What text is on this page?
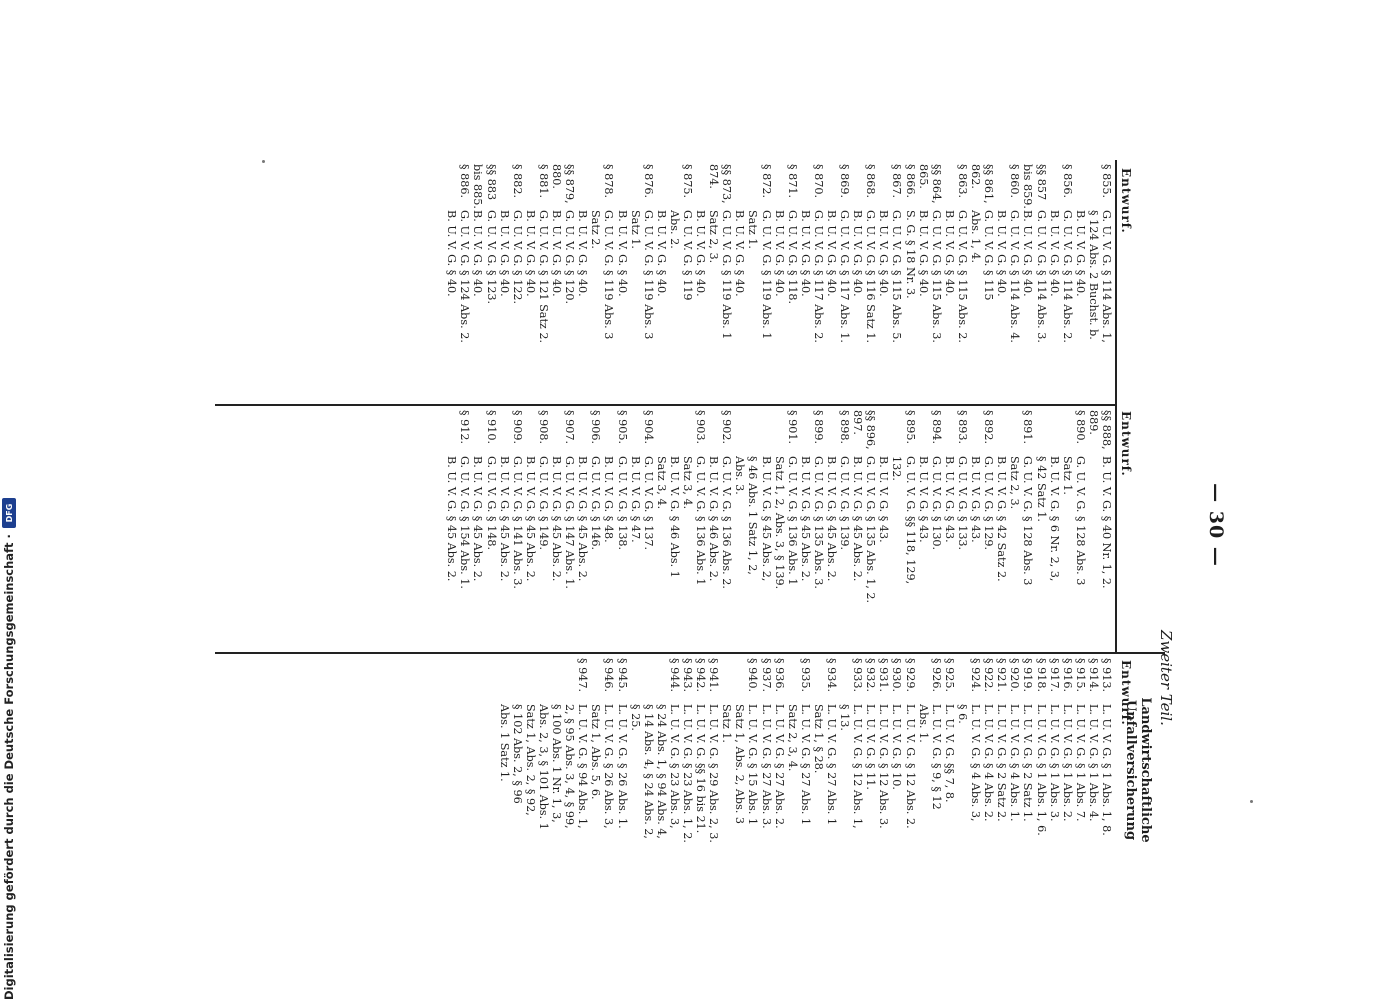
— 30 —
Zweiter Teil.
Entwurf.
Entwurf.
Entwurf.
Landwirtschaftliche Unfallversicherung
§ 855.
G. U. V. G. § 114 Abs. 1,
§ 124 Abs. 2 Buchst. b.
B. U. V. G. § 40.
§ 856.
G. U. V. G. § 114 Abs. 2.
B. U. V. G. § 40.
§§ 857
G. U. V. G. § 114 Abs. 3.
bis 859.
B. U. V. G. § 40.
§ 860.
G. U. V. G. § 114 Abs. 4.
B. U. V. G. § 40.
§§ 861,
G. U. V. G. § 115
862.
Abs. 1, 4.
§ 863.
G. U. V. G. § 115 Abs. 2.
B. U. V. G. § 40.
§§ 864,
G. U. V. G. § 115 Abs. 3.
865.
B. U. V. G. § 40.
§ 866.
S. G. § 18 Nr. 3.
§ 867.
G. U. V. G. § 115 Abs. 5.
B. U. V. G. § 40.
§ 868.
G. U. V. G. § 116 Satz 1.
B. U. V. G. § 40.
§ 869.
G. U. V. G. § 117 Abs. 1.
B. U. V. G. § 40.
§ 870.
G. U. V. G. § 117 Abs. 2.
B. U. V. G. § 40.
§ 871.
G. U. V. G. § 118.
B. U. V. G. § 40.
§ 872.
G. U. V. G. § 119 Abs. 1
Satz 1.
B. U. V. G. § 40.
§§ 873,
G. U. V. G. § 119 Abs. 1
874.
Satz 2, 3.
B. U. V. G. § 40.
§ 875.
G. U. V. G. § 119
Abs. 2.
B. U. V. G. § 40.
§ 876.
G. U. V. G. § 119 Abs. 3
Satz 1.
B. U. V. G. § 40.
§ 878.
G. U. V. G. § 119 Abs. 3
Satz 2.
B. U. V. G. § 40.
§§ 879,
G. U. V. G. § 120.
880.
B. U. V. G. § 40.
§ 881.
G. U. V. G. § 121 Satz 2.
B. U. V. G. § 40.
§ 882.
G. U. V. G. § 122.
B. U. V. G. § 40.
§§ 883
G. U. V. G. § 123.
bis 885.
B. U. V. G. § 40.
§ 886.
G. U. V. G. § 124 Abs. 2.
B. U. V. G. § 40.
§§ 888,
B. U. V. G. § 40 Nr. 1, 2.
889.
§ 890.
G. U. V. G. § 128 Abs. 3
Satz 1.
B. U. V. G. § 6 Nr. 2, 3,
§ 42 Satz 1.
§ 891.
G. U. V. G. § 128 Abs. 3
Satz 2, 3.
B. U. V. G. § 42 Satz 2.
§ 892.
G. U. V. G. § 129.
B. U. V. G. § 43.
§ 893.
G. U. V. G. § 133.
B. U. V. G. § 43.
§ 894.
G. U. V. G. § 130.
B. U. V. G. § 43.
§ 895.
G. U. V. G. §§ 118, 129,
132.
B. U. V. G. § 43.
§§ 896,
G. U. V. G. § 135 Abs. 1, 2.
897.
B. U. V. G. § 45 Abs. 2.
§ 898.
G. U. V. G. § 139.
B. U. V. G. § 45 Abs. 2.
§ 899.
G. U. V. G. § 135 Abs. 3.
B. U. V. G. § 45 Abs. 2.
§ 901.
G. U. V. G. § 136 Abs. 1
Satz 1, 2, Abs. 3, § 139.
B. U. V. G. § 45 Abs. 2,
§ 46 Abs. 1 Satz 1, 2,
Abs. 3.
§ 902.
G. U. V. G. § 136 Abs. 2.
B. U. V. G. § 46 Abs. 2.
§ 903.
G. U. V. G. § 136 Abs. 1
Satz 3, 4.
B. U. V. G. § 46 Abs. 1
Satz 3, 4.
§ 904.
G. U. V. G. § 137.
B. U. V. G. § 47.
§ 905.
G. U. V. G. § 138.
B. U. V. G. § 48.
§ 906.
G. U. V. G. § 146.
B. U. V. G. § 45 Abs. 2.
§ 907.
G. U. V. G. § 147 Abs. 1.
B. U. V. G. § 45 Abs. 2.
§ 908.
G. U. V. G. § 149.
B. U. V. G. § 45 Abs. 2.
§ 909.
G. U. V. G. § 141 Abs. 3.
B. U. V. G. § 45 Abs. 2.
§ 910.
G. U. V. G. § 148.
B. U. V. G. § 45 Abs. 2.
§ 912.
G. U. V. G. § 154 Abs. 1.
B. U. V. G. § 45 Abs. 2.
§ 913.
L. U. V. G. § 1 Abs. 1, 8.
§ 914.
L. U. V. G. § 1 Abs. 4.
§ 915.
L. U. V. G. § 1 Abs. 7.
§ 916.
L. U. V. G. § 1 Abs. 2.
§ 917.
L. U. V. G. § 1 Abs. 3.
§ 918.
L. U. V. G. § 1 Abs. 1, 6.
§ 919.
L. U. V. G. § 2 Satz 1.
§ 920.
L. U. V. G. § 4 Abs. 1.
§ 921.
L. U. V. G. § 2 Satz 2.
§ 922.
L. U. V. G. § 4 Abs. 2.
§ 924.
L. U. V. G. § 4 Abs. 3,
§ 6.
§ 925.
L. U. V. G. §§ 7, 8.
§ 926.
L. U. V. G. § 9, § 12
Abs. 1.
§ 929.
L. U. V. G. § 12 Abs. 2.
§ 930.
L. U. V. G. § 10.
§ 931.
L. U. V. G. § 12 Abs. 3.
§ 932.
L. U. V. G. § 11.
§ 933.
L. U. V. G. § 12 Abs. 1,
§ 13.
§ 934.
L. U. V. G. § 27 Abs. 1
Satz 1, § 28.
§ 935.
L. U. V. G. § 27 Abs. 1
Satz 2, 3, 4.
§ 936.
L. U. V. G. § 27 Abs. 2.
§ 937.
L. U. V. G. § 27 Abs. 3.
§ 940.
L. U. V. G. § 15 Abs. 1
Satz 1, Abs. 2, Abs. 3
Satz 1.
§ 941.
L. U. V. G. § 29 Abs. 2, 3.
§ 942.
L. U. V. G. §§ 16 bis 21.
§ 943.
L. U. V. G. § 23 Abs. 1, 2.
§ 944.
L. U. V. G. § 23 Abs. 3,
§ 24 Abs. 1, § 94 Abs. 4,
§ 14 Abs. 4, § 24 Abs. 2,
§ 25.
§ 945.
L. U. V. G. § 26 Abs. 1.
§ 946.
L. U. V. G. § 26 Abs. 3,
Satz 1, Abs. 5, 6.
§ 947.
L. U. V. G. § 94 Abs. 1,
2, § 95 Abs. 3, 4, § 99,
§ 100 Abs. 1 Nr. 1, 3,
Abs. 2, 3, § 101 Abs. 1
Satz 1, Abs. 2, § 92,
§ 102 Abs. 2, § 96
Abs. 1 Satz 1.
Digitalisierung gefördert durch die Deutsche Forschungsgemeinschaft ·
DFG
